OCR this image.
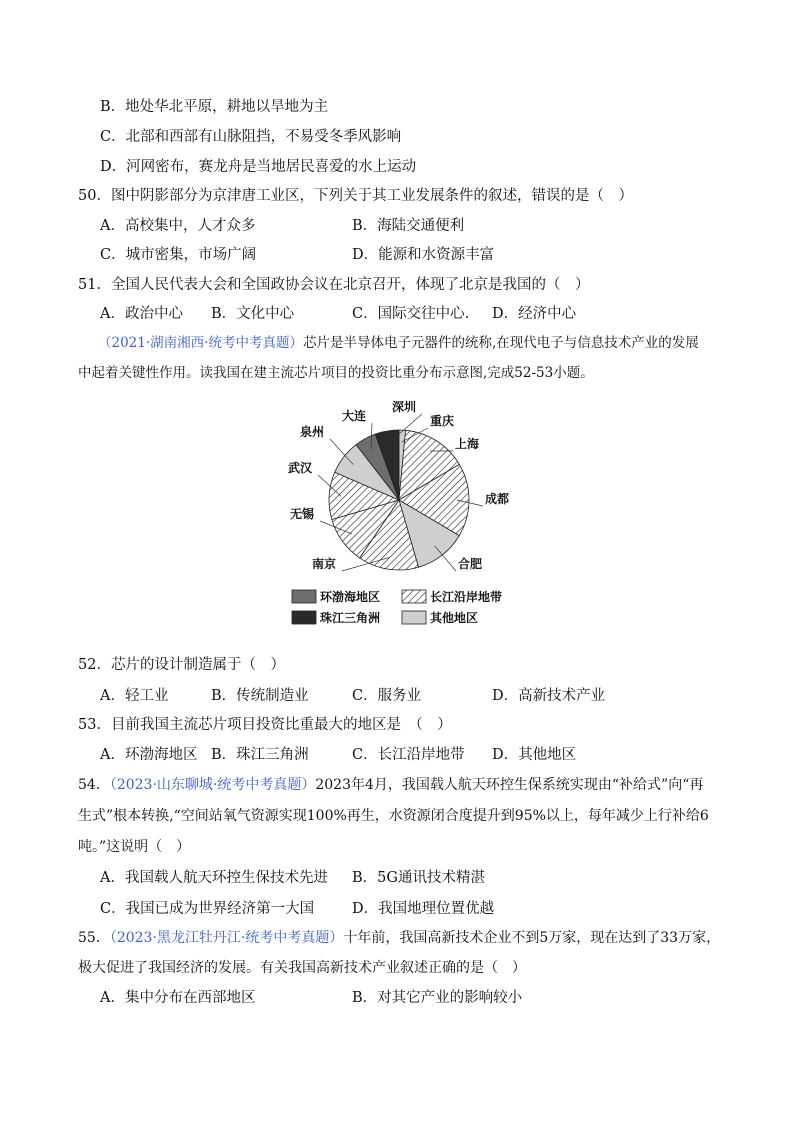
B．地处华北平原，耕地以旱地为主
C．北部和西部有山脉阻挡，不易受冬季风影响
D．河网密布，赛龙舟是当地居民喜爱的水上运动
50．图中阴影部分为京津唐工业区，下列关于其工业发展条件的叙述，错误的是（　）
A．高校集中，人才众多	B．海陆交通便利
C．城市密集，市场广阔	D．能源和水资源丰富
51．全国人民代表大会和全国政协会议在北京召开，体现了北京是我国的（　）
A．政治中心 B．文化中心	C．国际交往中心. D．经济中心
（2021·湖南湘西·统考中考真题）芯片是半导体电子元器件的统称,在现代电子与信息技术产业的发展
中起着关键性作用。读我国在建主流芯片项目的投资比重分布示意图,完成52-53小题。
重庆
上海
成都
合肥
南京
无锡
武汉
泉州
大连
深圳
环渤海地区	长江沿岸地带
珠江三角洲	其他地区
52．芯片的设计制造属于（　）
A．轻工业	B．传统制造业	C．服务业	D．高新技术产业
53．目前我国主流芯片项目投资比重最大的地区是　（　）
A．环渤海地区 B．珠江三角洲	C．长江沿岸地带 D．其他地区
54．（2023·山东聊城·统考中考真题）2023年4月，我国载人航天环控生保系统实现由“补给式”向“再
生式”根本转换,“空间站氧气资源实现100%再生，水资源闭合度提升到95%以上，每年减少上行补给6
吨。”这说明（　）
A．我国载人航天环控生保技术先进 B．5G通讯技术精湛
C．我国已成为世界经济第一大国	D．我国地理位置优越
55．（2023·黑龙江牡丹江·统考中考真题）十年前，我国高新技术企业不到5万家，现在达到了33万家，
极大促进了我国经济的发展。有关我国高新技术产业叙述正确的是（　）
A．集中分布在西部地区	B．对其它产业的影响较小
